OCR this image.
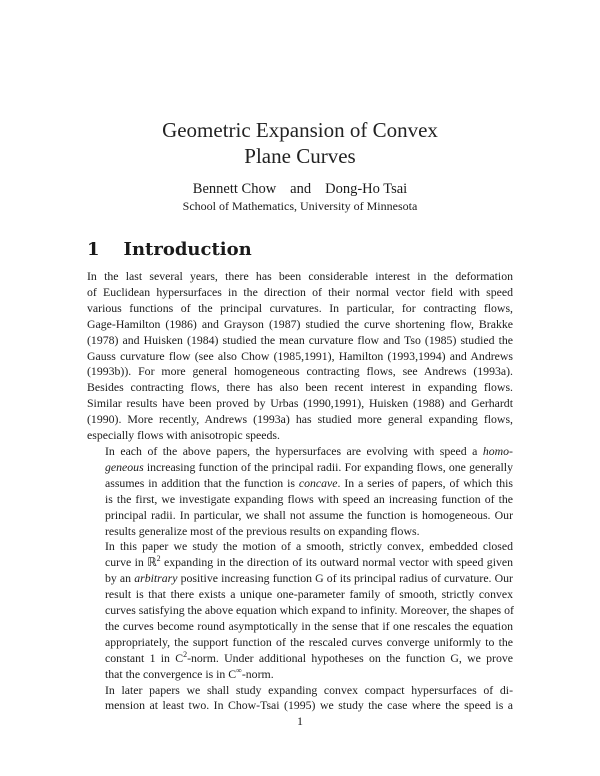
Geometric Expansion of Convex
Plane Curves
Bennett Chow and Dong-Ho Tsai
School of Mathematics, University of Minnesota
1 Introduction

In the last several years, there has been considerable interest in the deformation
of Euclidean hypersurfaces in the direction of their normal vector field with speed
various functions of the principal curvatures. In particular, for contracting flows,
Gage-Hamilton (1986) and Grayson (1987) studied the curve shortening flow, Brakke
(1978) and Huisken (1984) studied the mean curvature flow and Tso (1985) studied the
Gauss curvature flow (see also Chow (1985,1991), Hamilton (1993,1994) and Andrews
(1993b)). For more general homogeneous contracting flows, see Andrews (1993a).
Besides contracting flows, there has also been recent interest in expanding flows.
Similar results have been proved by Urbas (1990,1991), Huisken (1988) and Gerhardt
(1990). More recently, Andrews (1993a) has studied more general expanding flows,
especially flows with anisotropic speeds.

In each of the above papers, the hypersurfaces are evolving with speed a homo-
geneous increasing function of the principal radii. For expanding flows, one generally
assumes in addition that the function is concave. In a series of papers, of which this
is the first, we investigate expanding flows with speed an increasing function of the
principal radii. In particular, we shall not assume the function is homogeneous. Our
results generalize most of the previous results on expanding flows.

In this paper we study the motion of a smooth, strictly convex, embedded closed
curve in ℝ$^2$ expanding in the direction of its outward normal vector with speed given
by an arbitrary positive increasing function G of its principal radius of curvature. Our
result is that there exists a unique one-parameter family of smooth, strictly convex
curves satisfying the above equation which expand to infinity. Moreover, the shapes of
the curves become round asymptotically in the sense that if one rescales the equation
appropriately, the support function of the rescaled curves converge uniformly to the
constant 1 in $C^2$-norm. Under additional hypotheses on the function G, we prove
that the convergence is in C∞-norm.

In later papers we shall study expanding convex compact hypersurfaces of di-
mension at least two. In Chow-Tsai (1995) we study the case where the speed is a

1
